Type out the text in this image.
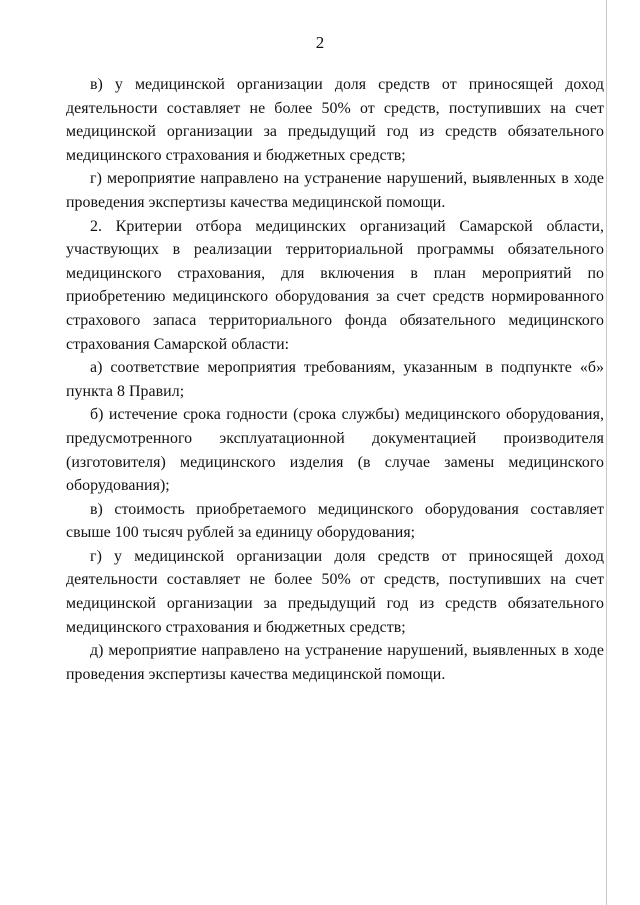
2

в) у медицинской организации доля средств от приносящей доход деятельности составляет не более 50% от средств, поступивших на счет медицинской организации за предыдущий год из средств обязательного медицинского страхования и бюджетных средств;

г) мероприятие направлено на устранение нарушений, выявленных в ходе проведения экспертизы качества медицинской помощи.

2. Критерии отбора медицинских организаций Самарской области, участвующих в реализации территориальной программы обязательного медицинского страхования, для включения в план мероприятий по приобретению медицинского оборудования за счет средств нормированного страхового запаса территориального фонда обязательного медицинского страхования Самарской области:

а) соответствие мероприятия требованиям, указанным в подпункте «б» пункта 8 Правил;

б) истечение срока годности (срока службы) медицинского оборудования, предусмотренного эксплуатационной документацией производителя (изготовителя) медицинского изделия (в случае замены медицинского оборудования);

в) стоимость приобретаемого медицинского оборудования составляет свыше 100 тысяч рублей за единицу оборудования;

г) у медицинской организации доля средств от приносящей доход деятельности составляет не более 50% от средств, поступивших на счет медицинской организации за предыдущий год из средств обязательного медицинского страхования и бюджетных средств;

д) мероприятие направлено на устранение нарушений, выявленных в ходе проведения экспертизы качества медицинской помощи.
